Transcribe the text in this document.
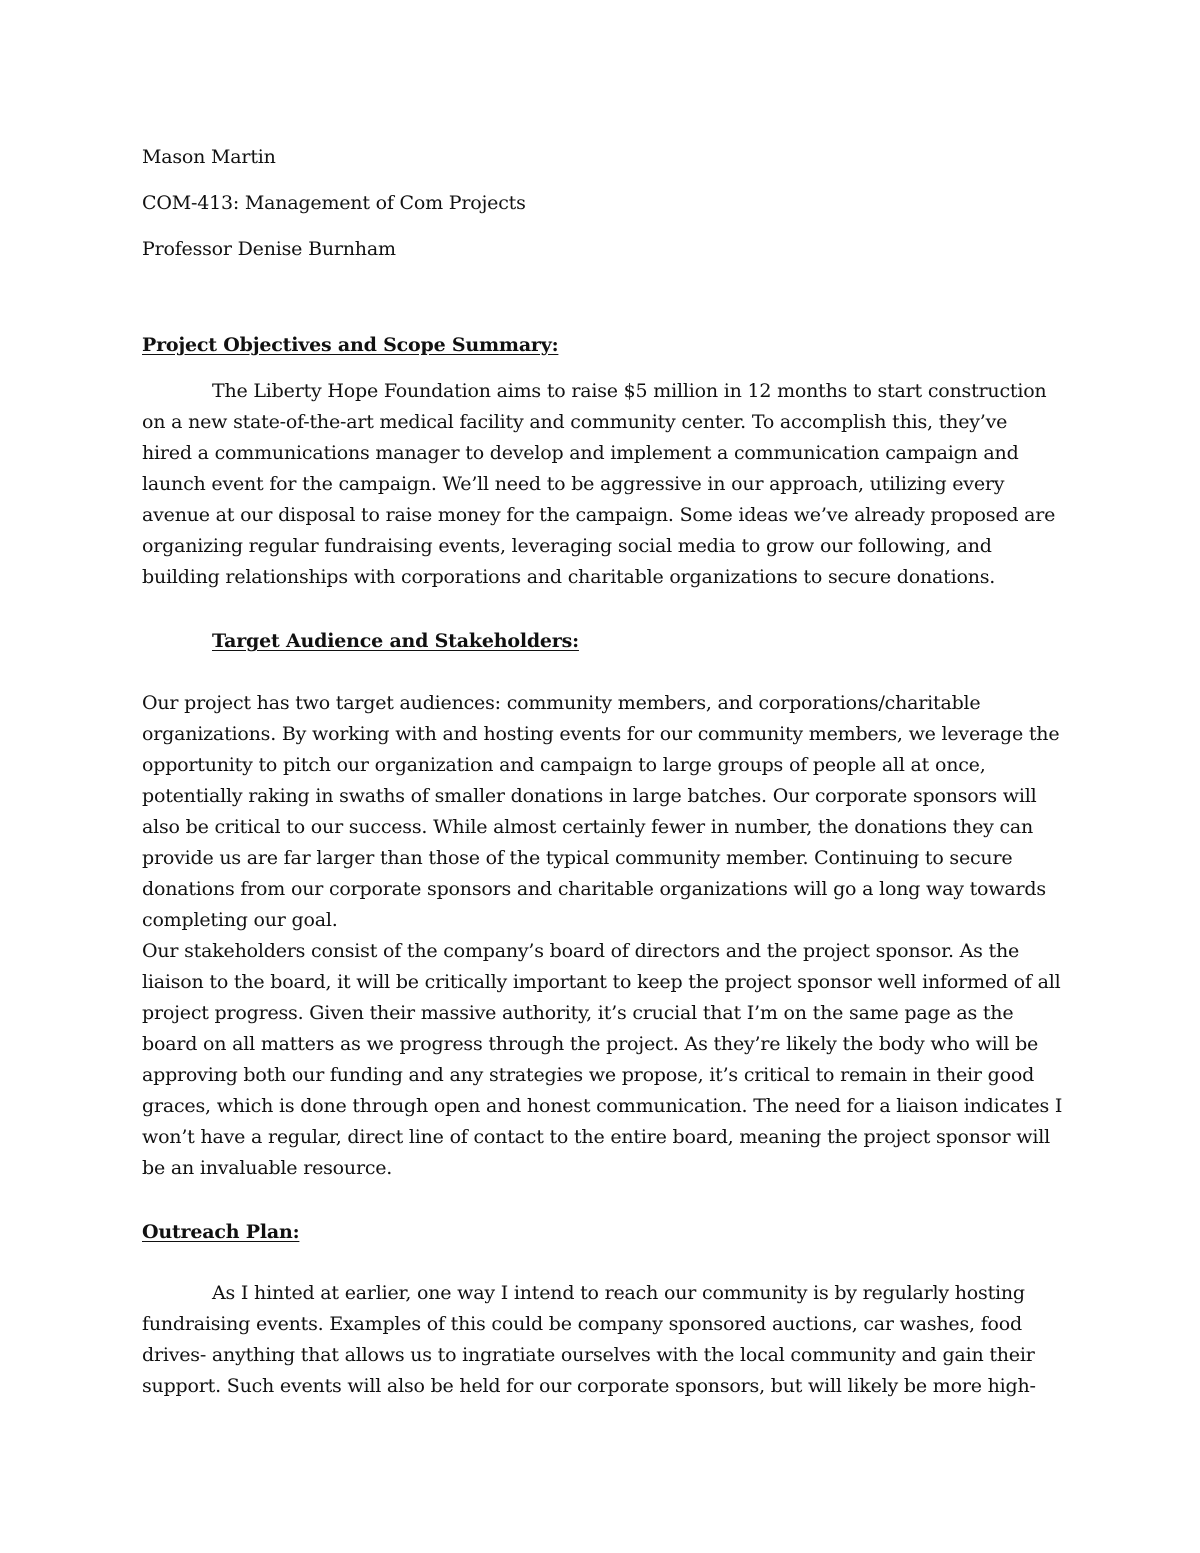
Mason Martin
COM-413: Management of Com Projects
Professor Denise Burnham
Project Objectives and Scope Summary:
The Liberty Hope Foundation aims to raise $5 million in 12 months to start construction
on a new state-of-the-art medical facility and community center. To accomplish this, they’ve
hired a communications manager to develop and implement a communication campaign and
launch event for the campaign. We’ll need to be aggressive in our approach, utilizing every
avenue at our disposal to raise money for the campaign. Some ideas we’ve already proposed are
organizing regular fundraising events, leveraging social media to grow our following, and
building relationships with corporations and charitable organizations to secure donations.
Target Audience and Stakeholders:
Our project has two target audiences: community members, and corporations/charitable
organizations. By working with and hosting events for our community members, we leverage the
opportunity to pitch our organization and campaign to large groups of people all at once,
potentially raking in swaths of smaller donations in large batches. Our corporate sponsors will
also be critical to our success. While almost certainly fewer in number, the donations they can
provide us are far larger than those of the typical community member. Continuing to secure
donations from our corporate sponsors and charitable organizations will go a long way towards
completing our goal.
Our stakeholders consist of the company’s board of directors and the project sponsor. As the
liaison to the board, it will be critically important to keep the project sponsor well informed of all
project progress. Given their massive authority, it’s crucial that I’m on the same page as the
board on all matters as we progress through the project. As they’re likely the body who will be
approving both our funding and any strategies we propose, it’s critical to remain in their good
graces, which is done through open and honest communication. The need for a liaison indicates I
won’t have a regular, direct line of contact to the entire board, meaning the project sponsor will
be an invaluable resource.
Outreach Plan:
As I hinted at earlier, one way I intend to reach our community is by regularly hosting
fundraising events. Examples of this could be company sponsored auctions, car washes, food
drives- anything that allows us to ingratiate ourselves with the local community and gain their
support. Such events will also be held for our corporate sponsors, but will likely be more high-
